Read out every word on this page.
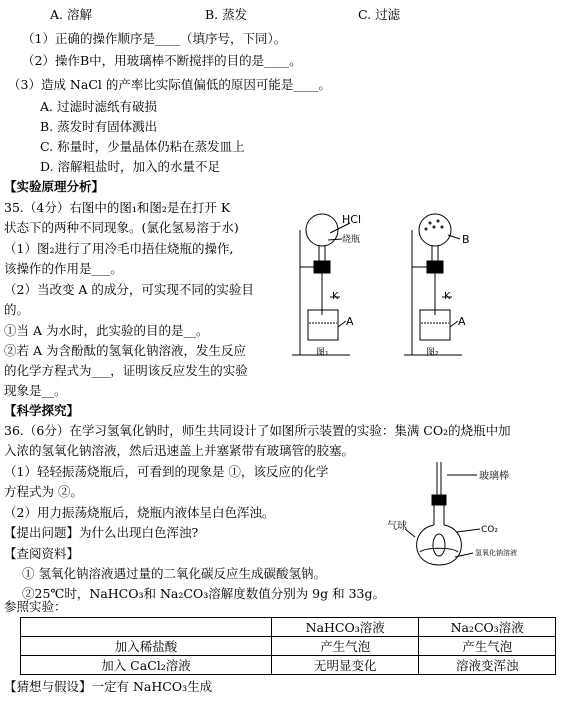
A. 溶解	B. 蒸发	C. 过滤
（1）正确的操作顺序是____（填序号，下同）。
（2）操作B中，用玻璃棒不断搅拌的目的是____。
（3）造成 NaCl 的产率比实际值偏低的原因可能是____。
A. 过滤时滤纸有破损
B. 蒸发时有固体溅出
C. 称量时，少量晶体仍粘在蒸发皿上
D. 溶解粗盐时，加入的水量不足
【实验原理分析】
35.（4分）右图中的图₁和图₂是在打开 K
状态下的两种不同现象。(氯化氢易溶于水)
（1）图₂进行了用冷毛巾捂住烧瓶的操作,
该操作的作用是___。
（2）当改变 A 的成分，可实现不同的实验目
的。
①当 A 为水时，此实验的目的是__。
②若 A 为含酚酞的氢氧化钠溶液，发生反应
的化学方程式为___，证明该反应发生的实验
现象是__。
HCl
烧瓶
K
A
图₁
B
K
A
图₂
【科学探究】
36.（6分）在学习氢氧化钠时，师生共同设计了如图所示装置的实验：集满 CO₂的烧瓶中加
入浓的氢氧化钠溶液，然后迅速盖上并塞紧带有玻璃管的胶塞。
（1）轻轻振荡烧瓶后，可看到的现象是 ①，该反应的化学
方程式为 ②。
（2）用力振荡烧瓶后，烧瓶内液体呈白色浑浊。
【提出问题】为什么出现白色浑浊?
【查阅资料】
① 氢氧化钠溶液遇过量的二氧化碳反应生成碳酸氢钠。
②25℃时，NaHCO₃和 Na₂CO₃溶解度数值分别为 9g 和 33g。
参照实验：
玻璃棒
气球	CO₂
氢氧化钠溶液
	NaHCO₃溶液	Na₂CO₃溶液
加入稀盐酸	产生气泡	产生气泡
加入 CaCl₂溶液	无明显变化	溶液变浑浊
【猜想与假设】一定有 NaHCO₃生成
